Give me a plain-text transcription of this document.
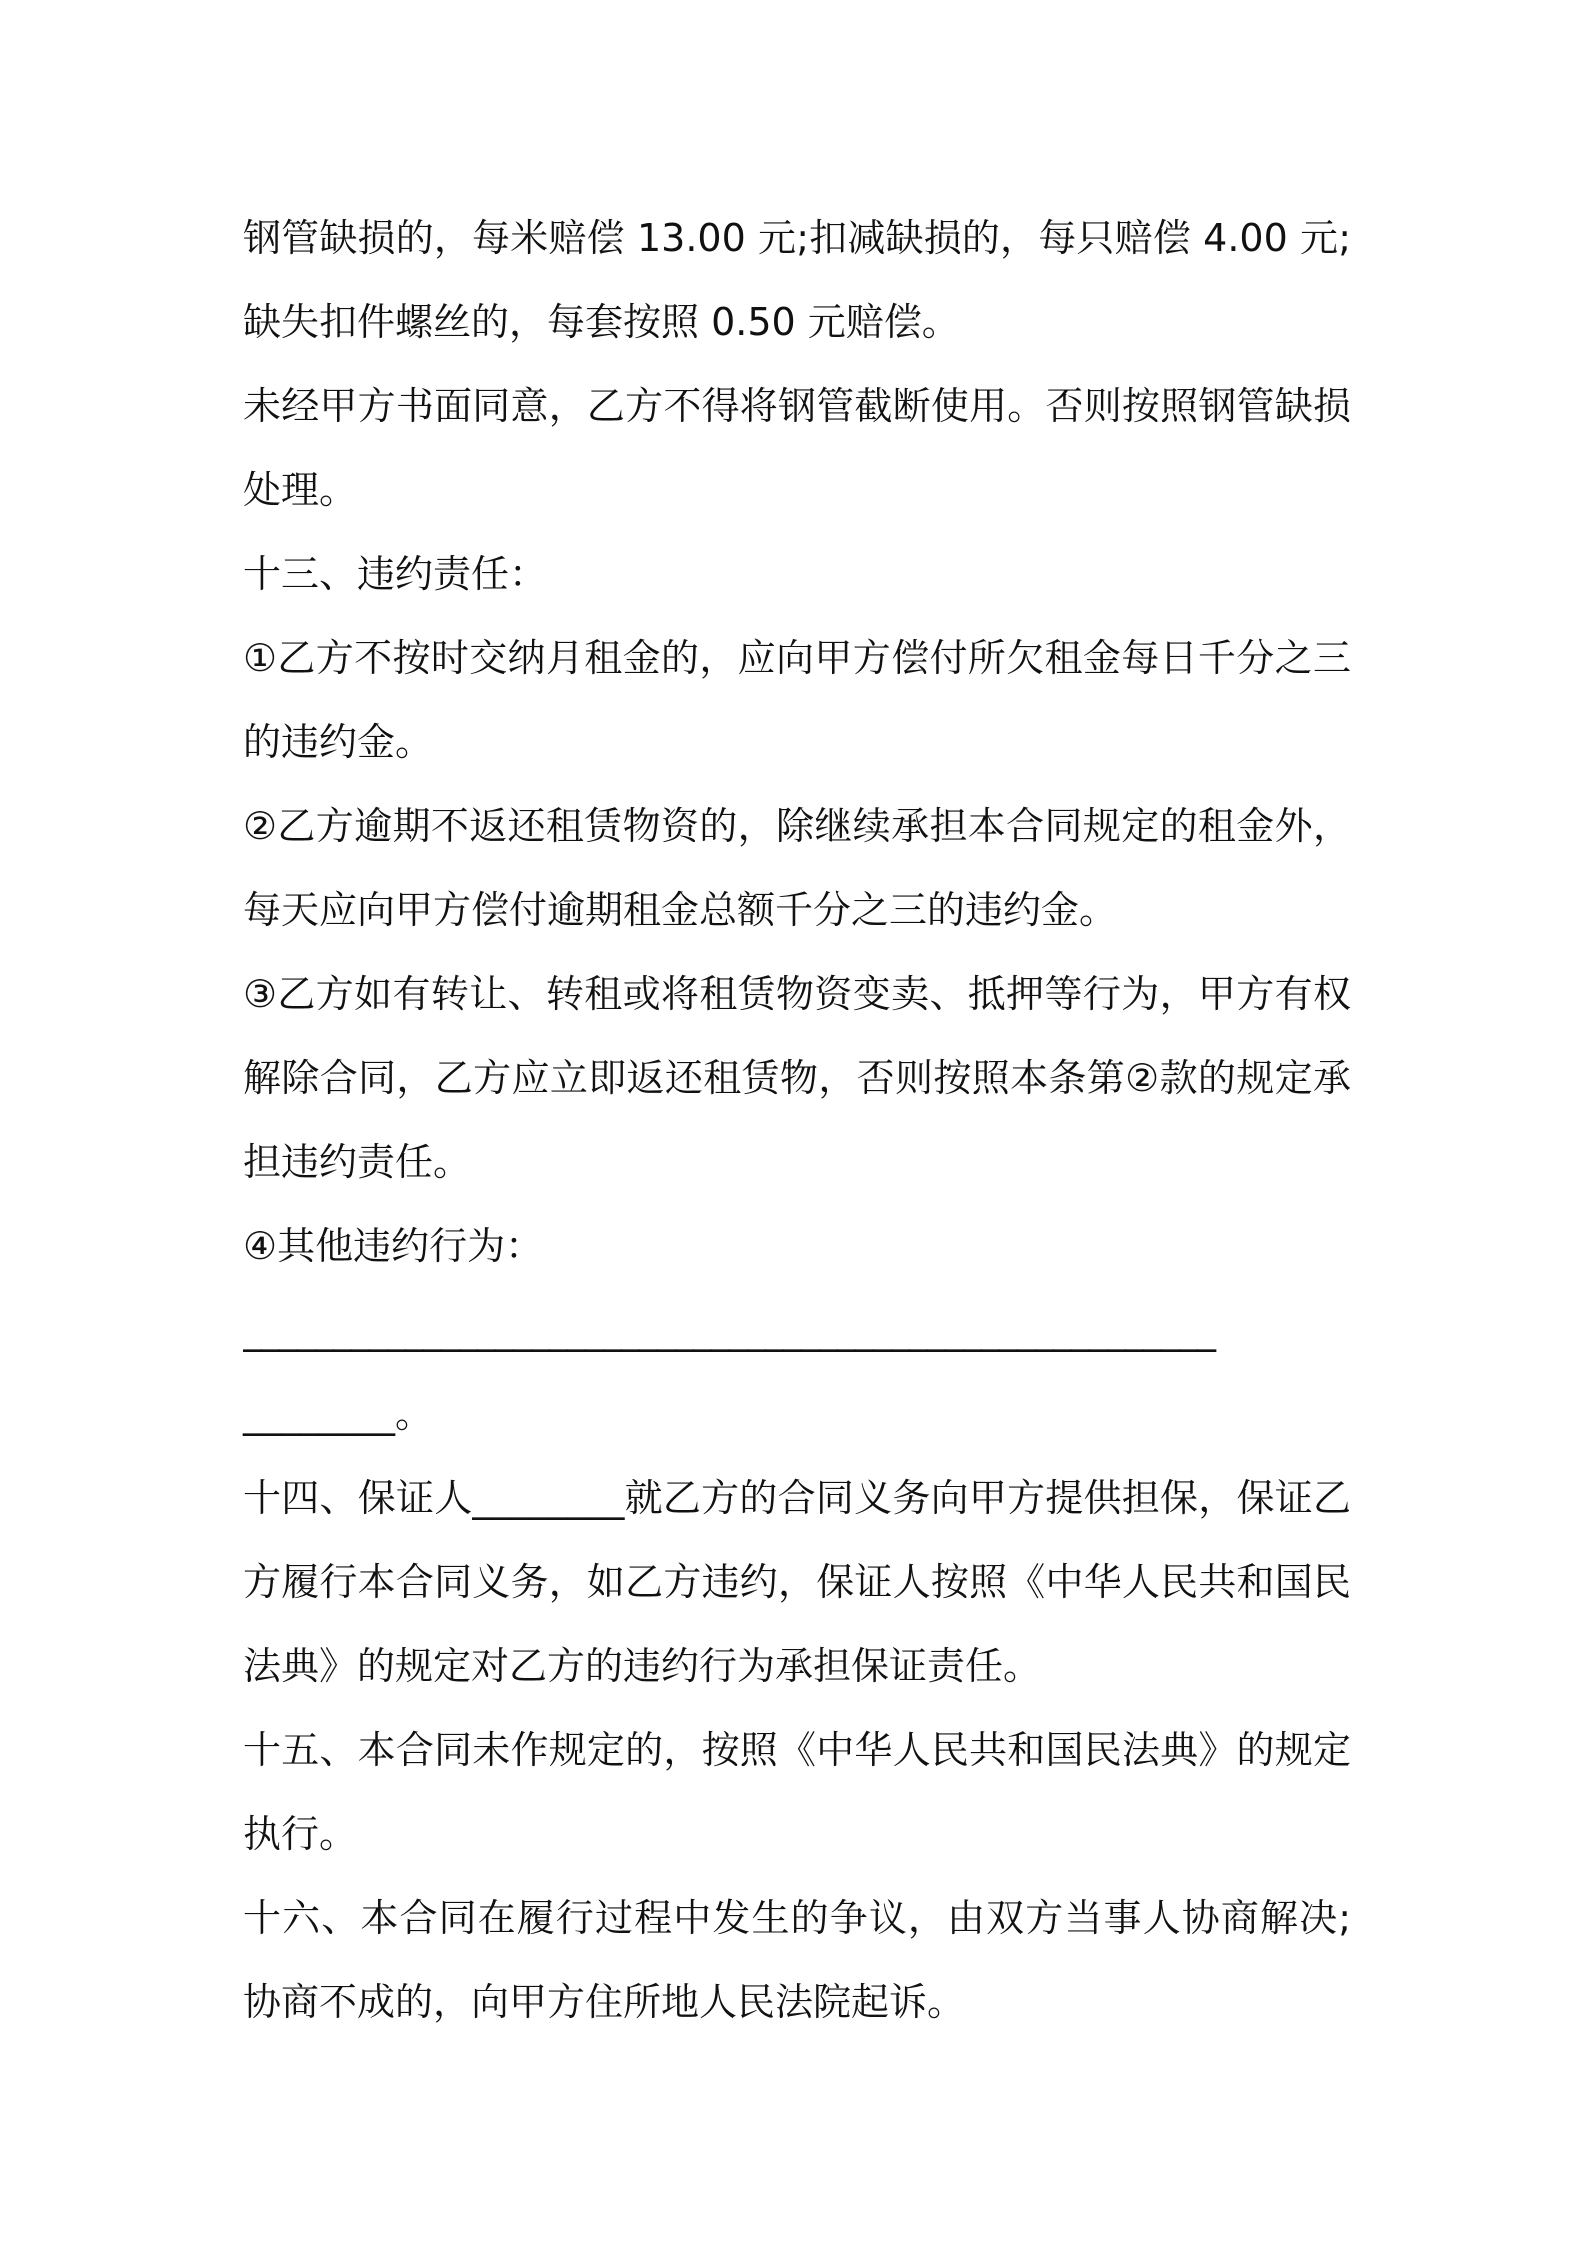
钢管缺损的，每米赔偿 13.00 元;扣减缺损的，每只赔偿 4.00 元;缺失扣件螺丝的，每套按照 0.50 元赔偿。

未经甲方书面同意，乙方不得将钢管截断使用。否则按照钢管缺损处理。

十三、违约责任：

①乙方不按时交纳月租金的，应向甲方偿付所欠租金每日千分之三的违约金。

②乙方逾期不返还租赁物资的，除继续承担本合同规定的租金外，每天应向甲方偿付逾期租金总额千分之三的违约金。

③乙方如有转让、转租或将租赁物资变卖、抵押等行为，甲方有权解除合同，乙方应立即返还租赁物，否则按照本条第②款的规定承担违约责任。

④其他违约行为：

______________________________________________________

________。

十四、保证人________就乙方的合同义务向甲方提供担保，保证乙方履行本合同义务，如乙方违约，保证人按照《中华人民共和国民法典》的规定对乙方的违约行为承担保证责任。

十五、本合同未作规定的，按照《中华人民共和国民法典》的规定执行。

十六、本合同在履行过程中发生的争议，由双方当事人协商解决;协商不成的，向甲方住所地人民法院起诉。
